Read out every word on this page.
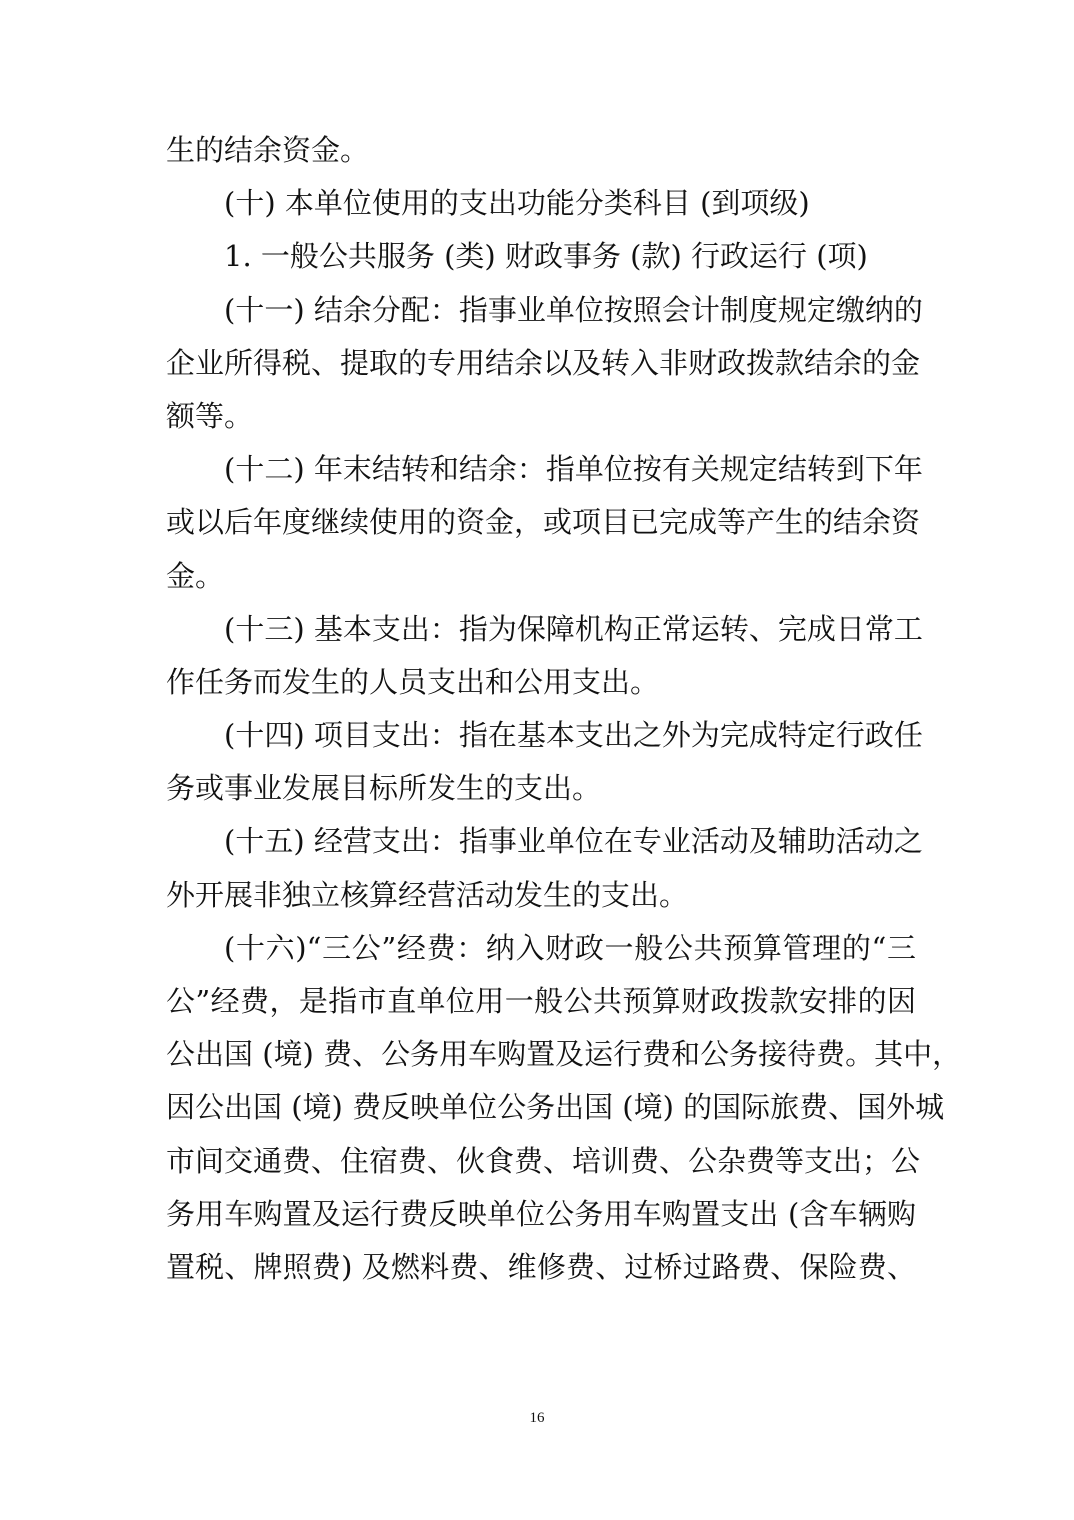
生的结余资金。
(十) 本单位使用的支出功能分类科目 (到项级)
1. 一般公共服务 (类) 财政事务 (款) 行政运行 (项)
(十一) 结余分配：指事业单位按照会计制度规定缴纳的
企业所得税、提取的专用结余以及转入非财政拨款结余的金
额等。
(十二) 年末结转和结余：指单位按有关规定结转到下年
或以后年度继续使用的资金，或项目已完成等产生的结余资
金。
(十三) 基本支出：指为保障机构正常运转、完成日常工
作任务而发生的人员支出和公用支出。
(十四) 项目支出：指在基本支出之外为完成特定行政任
务或事业发展目标所发生的支出。
(十五) 经营支出：指事业单位在专业活动及辅助活动之
外开展非独立核算经营活动发生的支出。
(十六)“三公”经费：纳入财政一般公共预算管理的“三
公”经费，是指市直单位用一般公共预算财政拨款安排的因
公出国 (境) 费、公务用车购置及运行费和公务接待费。其中，
因公出国 (境) 费反映单位公务出国 (境) 的国际旅费、国外城
市间交通费、住宿费、伙食费、培训费、公杂费等支出；公
务用车购置及运行费反映单位公务用车购置支出 (含车辆购
置税、牌照费) 及燃料费、维修费、过桥过路费、保险费、
16
